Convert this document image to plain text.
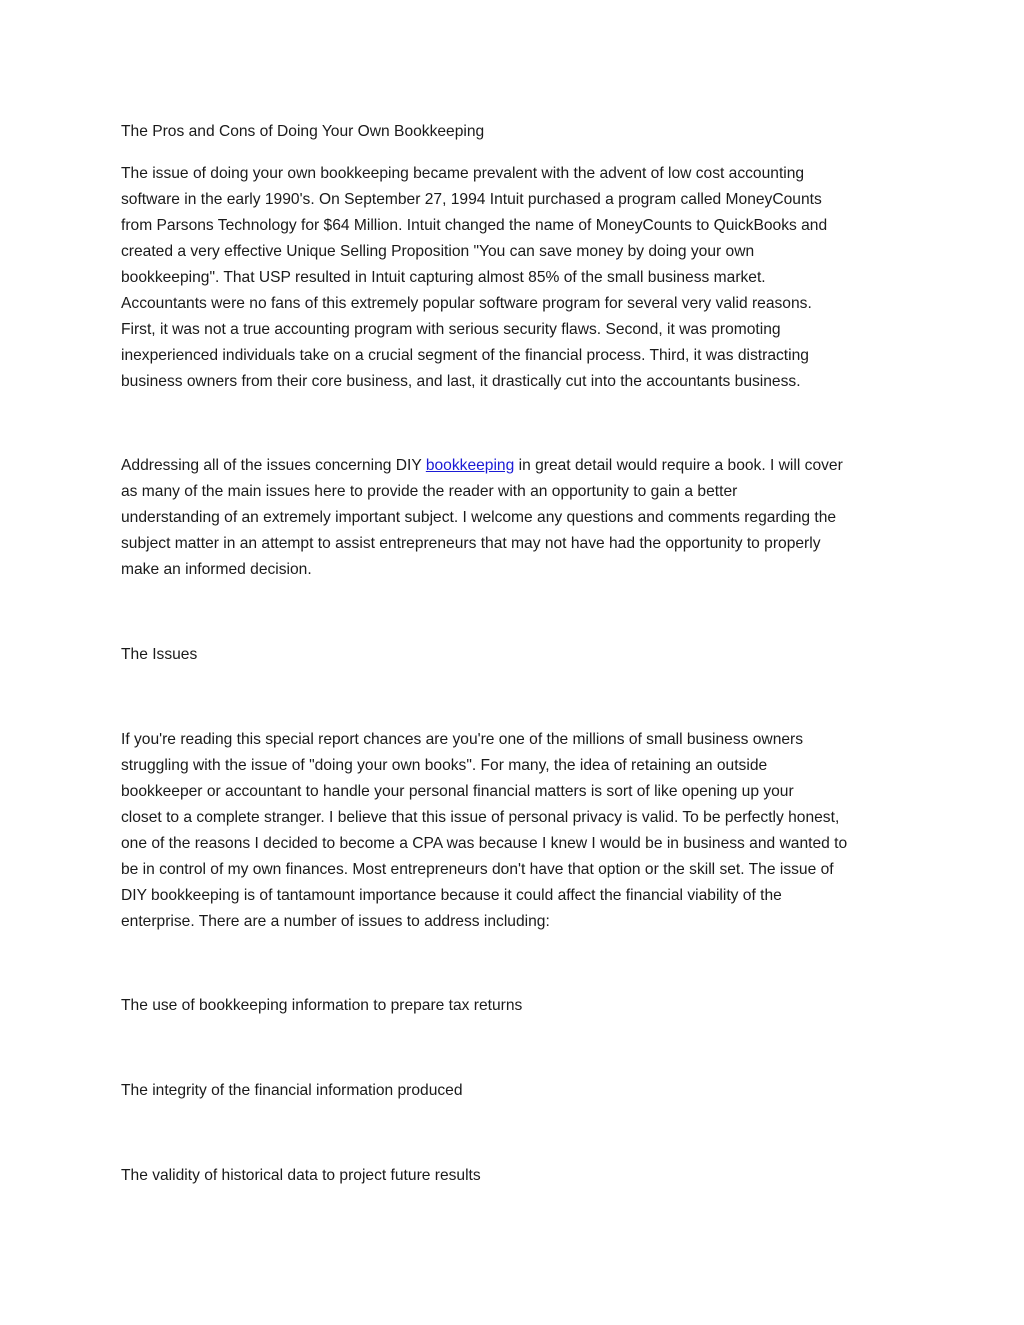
The Pros and Cons of Doing Your Own Bookkeeping

The issue of doing your own bookkeeping became prevalent with the advent of low cost accounting
software in the early 1990's. On September 27, 1994 Intuit purchased a program called MoneyCounts
from Parsons Technology for $64 Million. Intuit changed the name of MoneyCounts to QuickBooks and
created a very effective Unique Selling Proposition "You can save money by doing your own
bookkeeping". That USP resulted in Intuit capturing almost 85% of the small business market.
Accountants were no fans of this extremely popular software program for several very valid reasons.
First, it was not a true accounting program with serious security flaws. Second, it was promoting
inexperienced individuals take on a crucial segment of the financial process. Third, it was distracting
business owners from their core business, and last, it drastically cut into the accountants business.
Addressing all of the issues concerning DIY bookkeeping in great detail would require a book. I will cover
as many of the main issues here to provide the reader with an opportunity to gain a better
understanding of an extremely important subject. I welcome any questions and comments regarding the
subject matter in an attempt to assist entrepreneurs that may not have had the opportunity to properly
make an informed decision.

The Issues

If you're reading this special report chances are you're one of the millions of small business owners
struggling with the issue of "doing your own books". For many, the idea of retaining an outside
bookkeeper or accountant to handle your personal financial matters is sort of like opening up your
closet to a complete stranger. I believe that this issue of personal privacy is valid. To be perfectly honest,
one of the reasons I decided to become a CPA was because I knew I would be in business and wanted to
be in control of my own finances. Most entrepreneurs don't have that option or the skill set. The issue of
DIY bookkeeping is of tantamount importance because it could affect the financial viability of the
enterprise. There are a number of issues to address including:

The use of bookkeeping information to prepare tax returns

The integrity of the financial information produced

The validity of historical data to project future results
